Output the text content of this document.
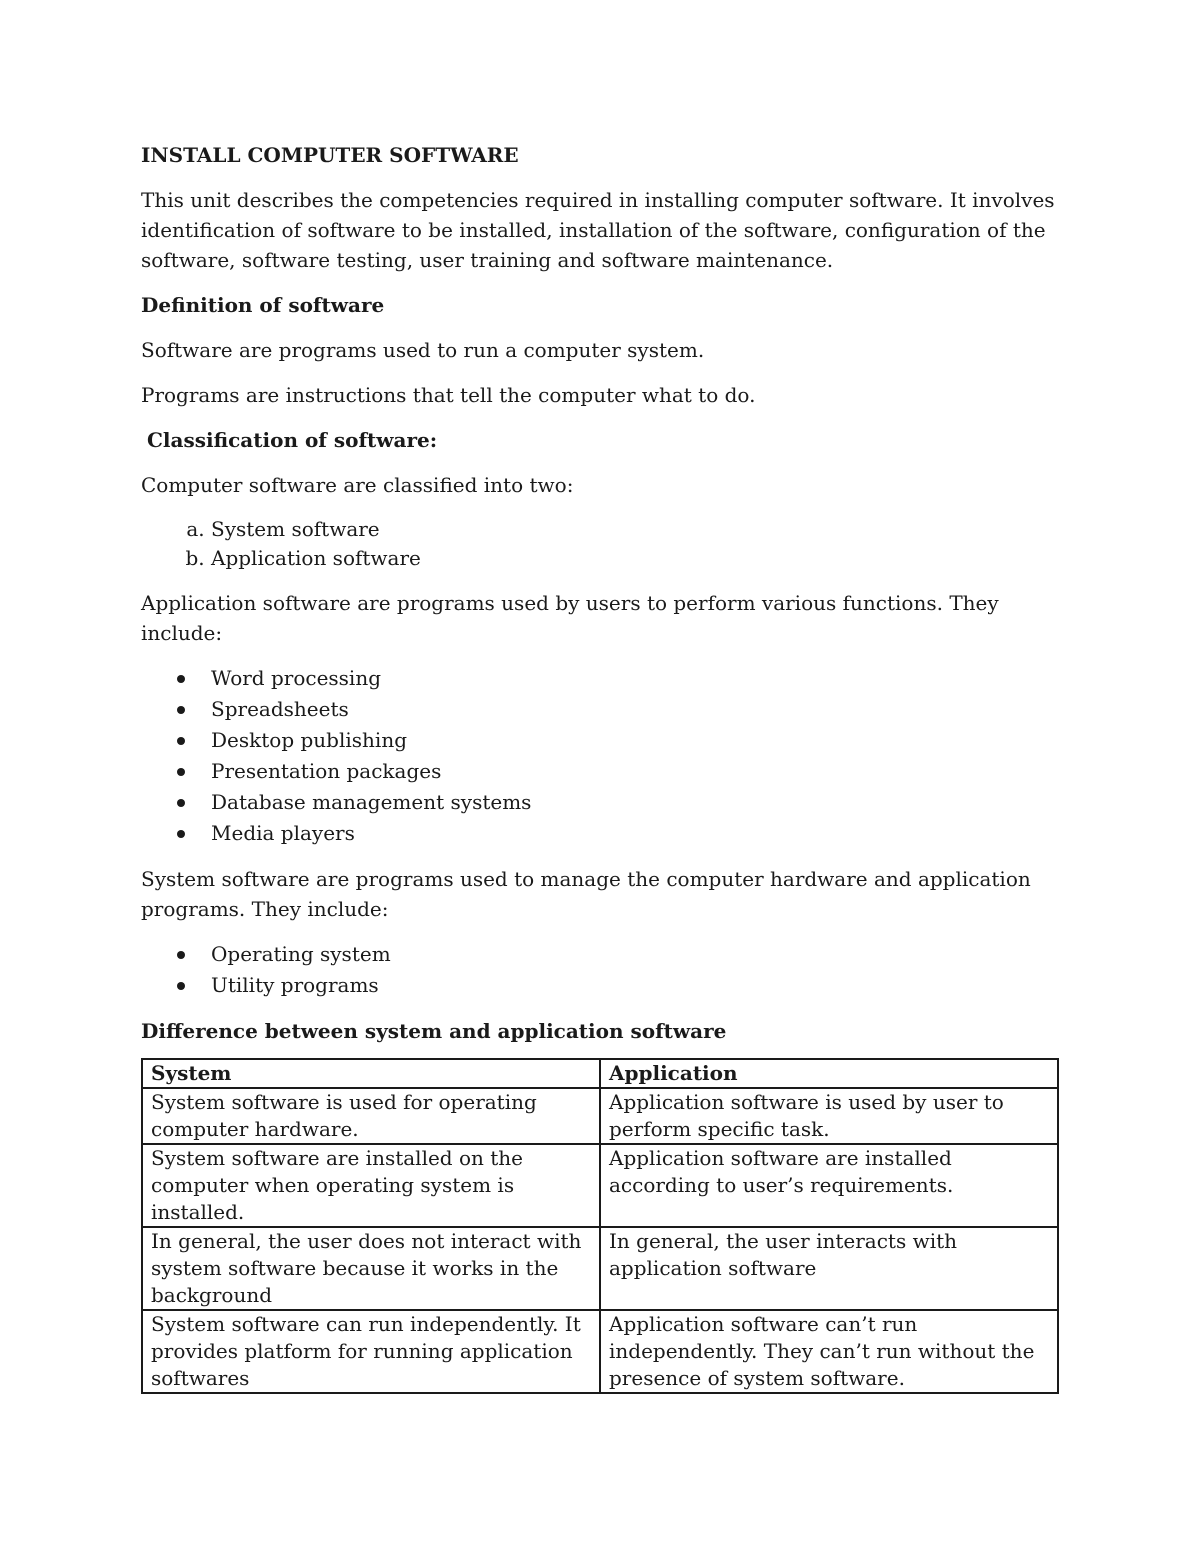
INSTALL COMPUTER SOFTWARE

This unit describes the competencies required in installing computer software. It involves identification of software to be installed, installation of the software, configuration of the software, software testing, user training and software maintenance.

Definition of software

Software are programs used to run a computer system.

Programs are instructions that tell the computer what to do.

Classification of software:

Computer software are classified into two:

a. System software
b. Application software

Application software are programs used by users to perform various functions. They include:

Word processing
Spreadsheets
Desktop publishing
Presentation packages
Database management systems
Media players

System software are programs used to manage the computer hardware and application programs. They include:

Operating system
Utility programs

Difference between system and application software

System	Application
System software is used for operating computer hardware.	Application software is used by user to perform specific task.
System software are installed on the computer when operating system is installed.	Application software are installed according to user’s requirements.
In general, the user does not interact with system software because it works in the background	In general, the user interacts with application software
System software can run independently. It provides platform for running application softwares	Application software can’t run independently. They can’t run without the presence of system software.
